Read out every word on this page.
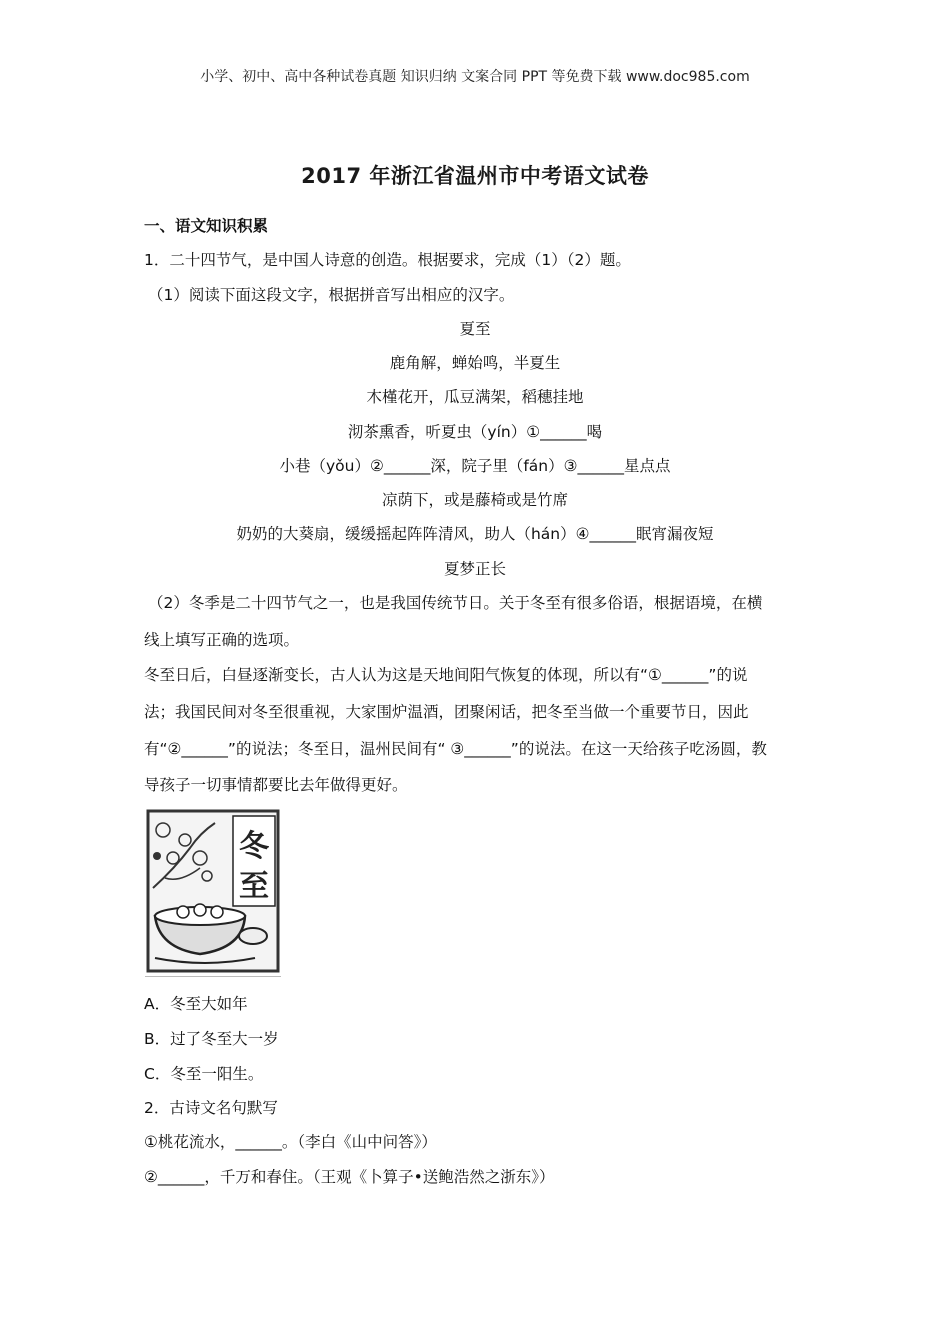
小学、初中、高中各种试卷真题 知识归纳 文案合同 PPT 等免费下载 www.doc985.com
2017 年浙江省温州市中考语文试卷
一、语文知识积累
1．二十四节气，是中国人诗意的创造。根据要求，完成（1）（2）题。
（1）阅读下面这段文字，根据拼音写出相应的汉字。
夏至
鹿角解，蝉始鸣，半夏生
木槿花开，瓜豆满架，稻穗挂地
沏茶熏香，听夏虫（yín）①______喝
小巷（yǒu）②______深，院子里（fán）③______星点点
凉荫下，或是藤椅或是竹席
奶奶的大葵扇，缓缓摇起阵阵清风，助人（hán）④______眠宵漏夜短
夏梦正长
（2）冬季是二十四节气之一，也是我国传统节日。关于冬至有很多俗语，根据语境，在横
线上填写正确的选项。
冬至日后，白昼逐渐变长，古人认为这是天地间阳气恢复的体现，所以有“①______”的说
法；我国民间对冬至很重视，大家围炉温酒，团聚闲话，把冬至当做一个重要节日，因此
有“②______”的说法；冬至日，温州民间有“ ③______”的说法。在这一天给孩子吃汤圆，教
导孩子一切事情都要比去年做得更好。
冬
至
A．冬至大如年
B．过了冬至大一岁
C．冬至一阳生。
2．古诗文名句默写
①桃花流水，______。（李白《山中问答》）
②______，千万和春住。（王观《卜算子•送鲍浩然之浙东》）
